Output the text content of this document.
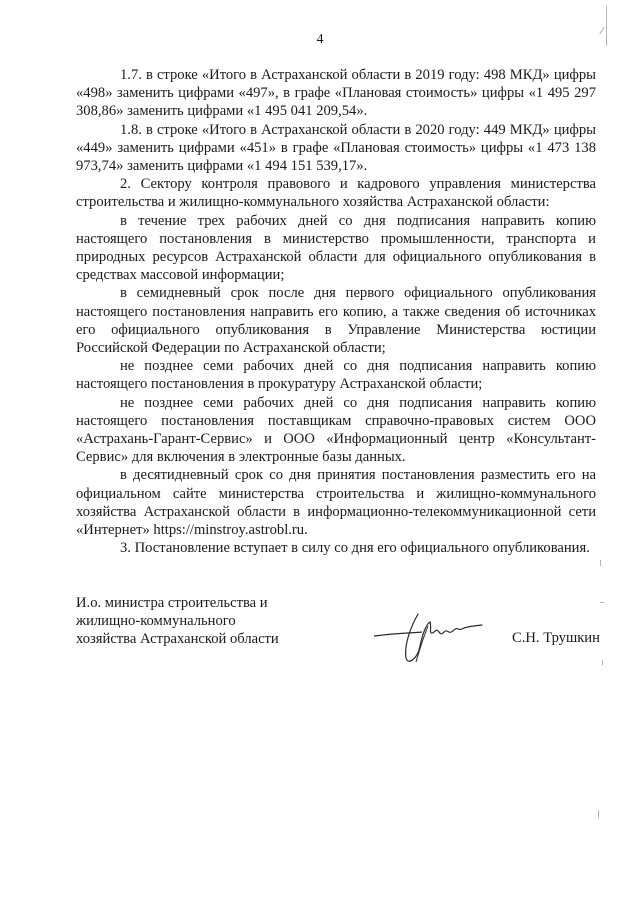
4

1.7. в строке «Итого в Астраханской области в 2019 году: 498 МКД» цифры «498» заменить цифрами «497», в графе «Плановая стоимость» цифры «1 495 297 308,86» заменить цифрами «1 495 041 209,54».

1.8. в строке «Итого в Астраханской области в 2020 году: 449 МКД» цифры «449» заменить цифрами «451» в графе «Плановая стоимость» цифры «1 473 138 973,74» заменить цифрами «1 494 151 539,17».

2. Сектору контроля правового и кадрового управления министерства строительства и жилищно-коммунального хозяйства Астраханской области:

в течение трех рабочих дней со дня подписания направить копию настоящего постановления в министерство промышленности, транспорта и природных ресурсов Астраханской области для официального опубликования в средствах массовой информации;

в семидневный срок после дня первого официального опубликования настоящего постановления направить его копию, а также сведения об источниках его официального опубликования в Управление Министерства юстиции Российской Федерации по Астраханской области;

не позднее семи рабочих дней со дня подписания направить копию настоящего постановления в прокуратуру Астраханской области;

не позднее семи рабочих дней со дня подписания направить копию настоящего постановления поставщикам справочно-правовых систем ООО «Астрахань-Гарант-Сервис» и ООО «Информационный центр «Консультант-Сервис» для включения в электронные базы данных.

в десятидневный срок со дня принятия постановления разместить его на официальном сайте министерства строительства и жилищно-коммунального хозяйства Астраханской области в информационно-телекоммуникационной сети «Интернет» https://minstroy.astrobl.ru.

3. Постановление вступает в силу со дня его официального опубликования.

И.о. министра строительства и
жилищно-коммунального
хозяйства Астраханской области	С.Н. Трушкин
